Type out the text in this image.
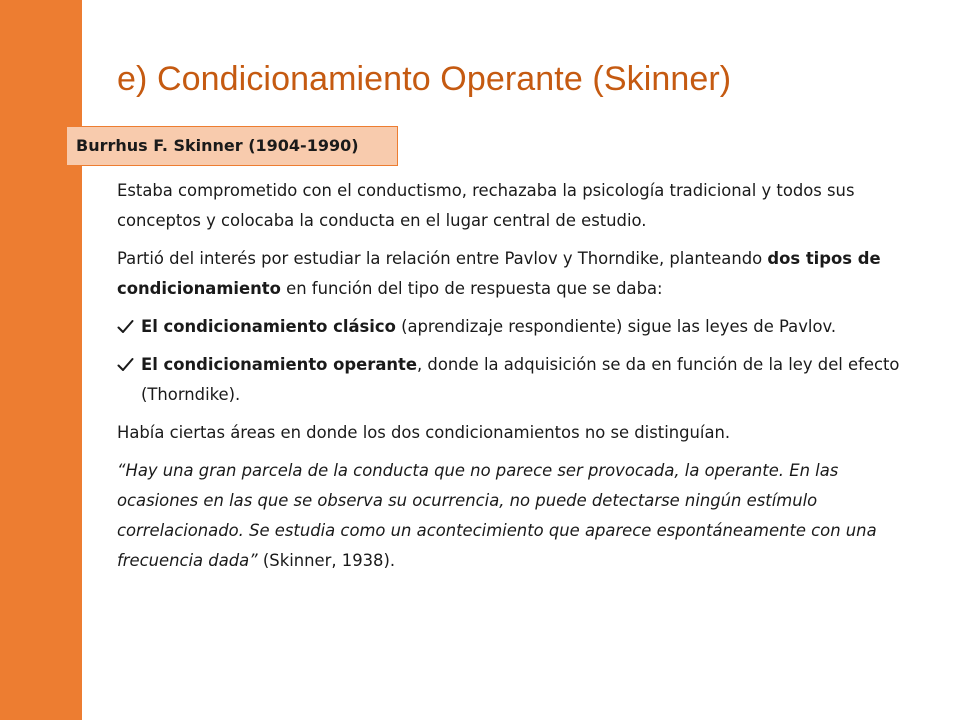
e) Condicionamiento Operante (Skinner)
Burrhus F. Skinner (1904-1990)

Estaba comprometido con el conductismo, rechazaba la psicología tradicional y todos sus conceptos y colocaba la conducta en el lugar central de estudio.

Partió del interés por estudiar la relación entre Pavlov y Thorndike, planteando dos tipos de condicionamiento en función del tipo de respuesta que se daba:

El condicionamiento clásico (aprendizaje respondiente) sigue las leyes de Pavlov.

El condicionamiento operante, donde la adquisición se da en función de la ley del efecto (Thorndike).

Había ciertas áreas en donde los dos condicionamientos no se distinguían.

“Hay una gran parcela de la conducta que no parece ser provocada, la operante. En las ocasiones en las que se observa su ocurrencia, no puede detectarse ningún estímulo correlacionado. Se estudia como un acontecimiento que aparece espontáneamente con una frecuencia dada” (Skinner, 1938).
